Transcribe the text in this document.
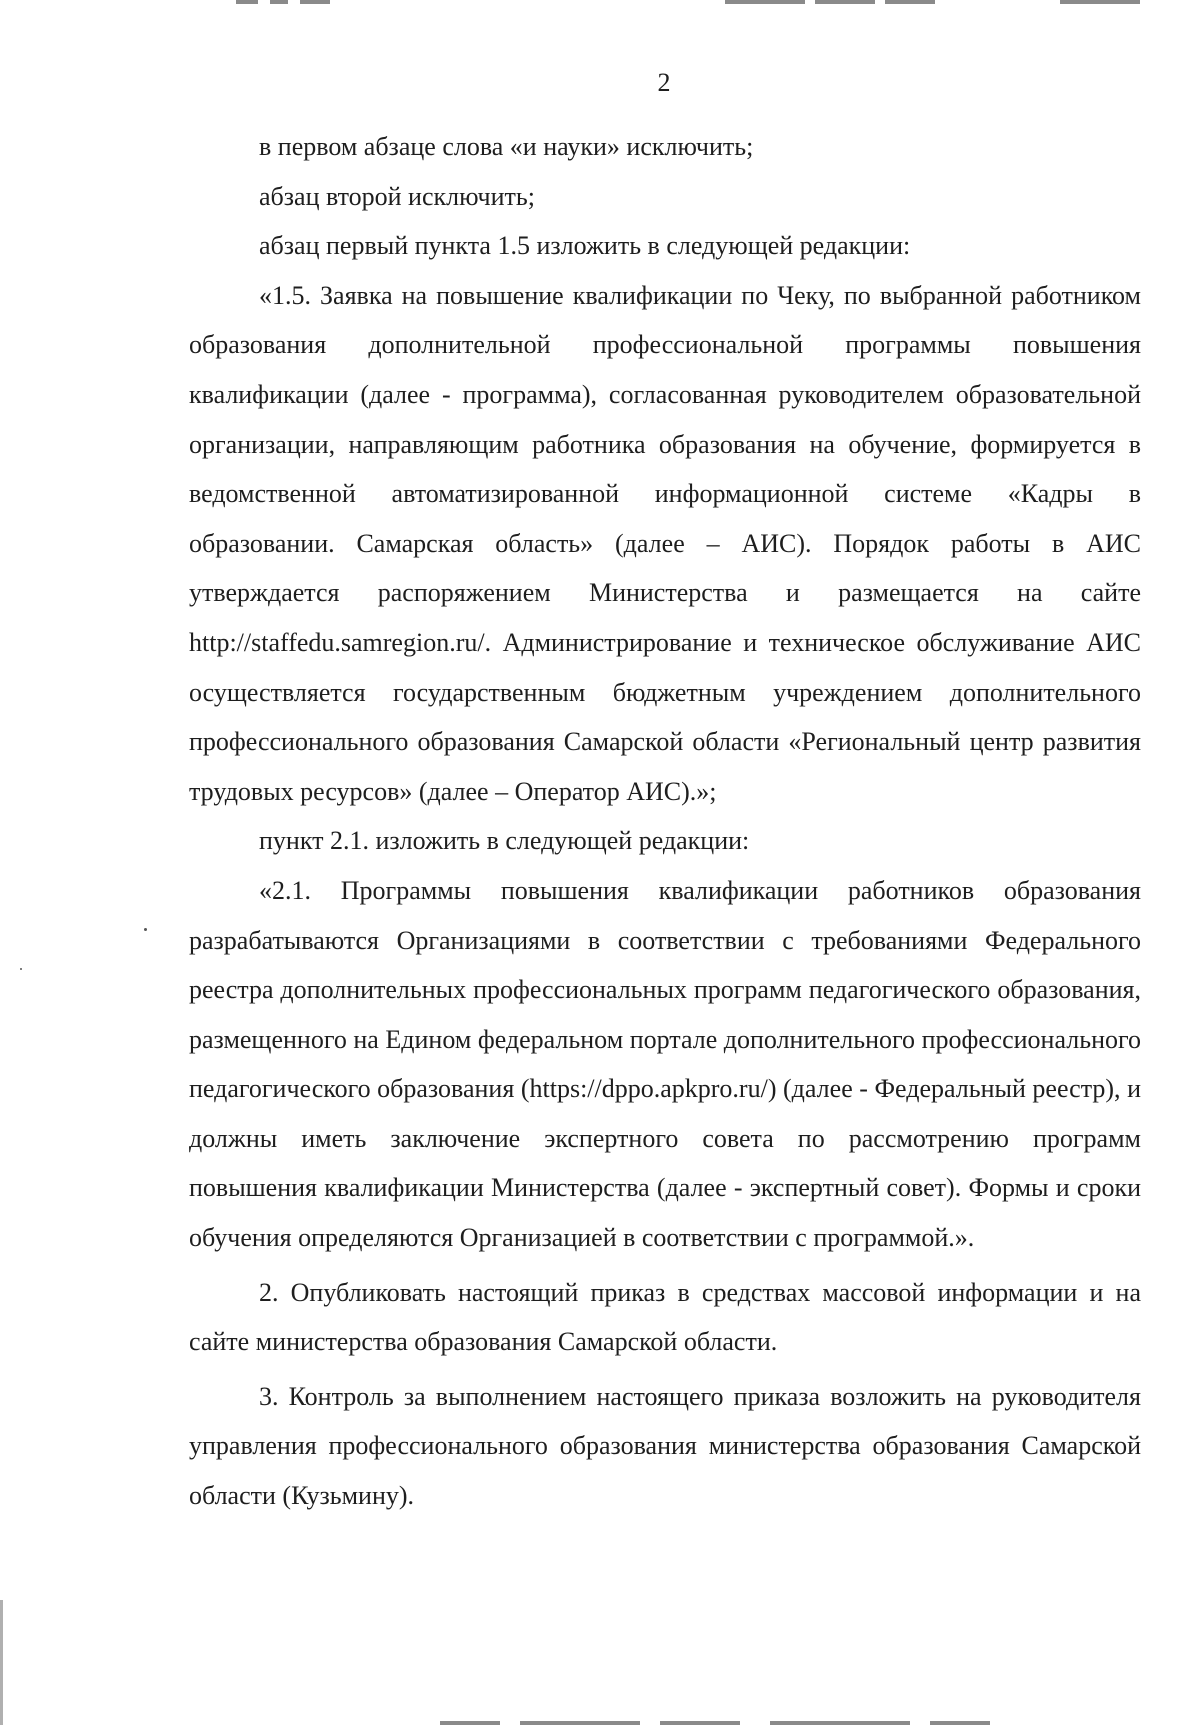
2

в первом абзаце слова «и науки» исключить;

абзац второй исключить;

абзац первый пункта 1.5 изложить в следующей редакции:

«1.5. Заявка на повышение квалификации по Чеку, по выбранной работником образования дополнительной профессиональной программы повышения квалификации (далее - программа), согласованная руководителем образовательной организации, направляющим работника образования на обучение, формируется в ведомственной автоматизированной информационной системе «Кадры в образовании. Самарская область» (далее – АИС). Порядок работы в АИС утверждается распоряжением Министерства и размещается на сайте http://staffedu.samregion.ru/. Администрирование и техническое обслуживание АИС осуществляется государственным бюджетным учреждением дополнительного профессионального образования Самарской области «Региональный центр развития трудовых ресурсов» (далее – Оператор АИС).»;

пункт 2.1. изложить в следующей редакции:

«2.1. Программы повышения квалификации работников образования разрабатываются Организациями в соответствии с требованиями Федерального реестра дополнительных профессиональных программ педагогического образования, размещенного на Едином федеральном портале дополнительного профессионального педагогического образования (https://dppo.apkpro.ru/) (далее - Федеральный реестр), и должны иметь заключение экспертного совета по рассмотрению программ повышения квалификации Министерства (далее - экспертный совет). Формы и сроки обучения определяются Организацией в соответствии с программой.».

2. Опубликовать настоящий приказ в средствах массовой информации и на сайте министерства образования Самарской области.

3. Контроль за выполнением настоящего приказа возложить на руководителя управления профессионального образования министерства образования Самарской области (Кузьмину).
